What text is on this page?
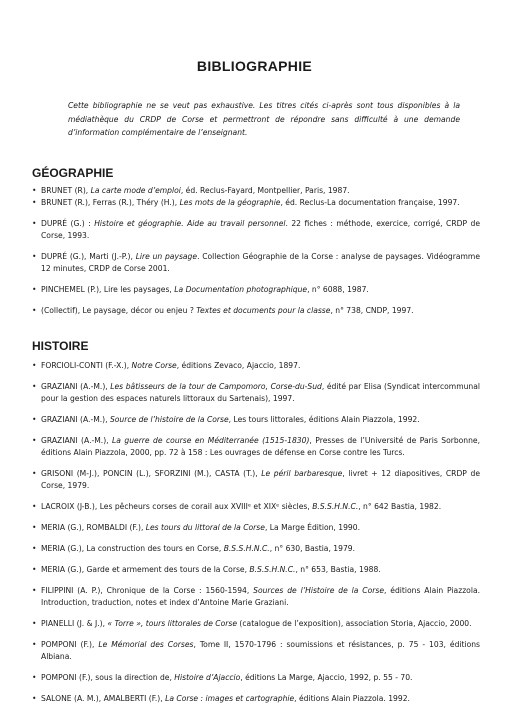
BIBLIOGRAPHIE
Cette bibliographie ne se veut pas exhaustive. Les titres cités ci-après sont tous disponibles à la médiathèque du CRDP de Corse et permettront de répondre sans difficulté à une demande d’information complémentaire de l’enseignant.
GÉOGRAPHIE
• BRUNET (R), La carte mode d’emploi, éd. Reclus-Fayard, Montpellier, Paris, 1987.
• BRUNET (R.), Ferras (R.), Théry (H.), Les mots de la géographie, éd. Reclus-La documentation française, 1997.
• DUPRÉ (G.) : Histoire et géographie. Aide au travail personnel. 22 fiches : méthode, exercice, corrigé, CRDP de Corse, 1993.
• DUPRÉ (G.), Marti (J.-P.), Lire un paysage. Collection Géographie de la Corse : analyse de paysages. Vidéogramme 12 minutes, CRDP de Corse 2001.
• PINCHEMEL (P.), Lire les paysages, La Documentation photographique, n° 6088, 1987.
• (Collectif), Le paysage, décor ou enjeu ? Textes et documents pour la classe, n° 738, CNDP, 1997.
HISTOIRE
• FORCIOLI-CONTI (F.-X.), Notre Corse, éditions Zevaco, Ajaccio, 1897.
• GRAZIANI (A.-M.), Les bâtisseurs de la tour de Campomoro, Corse-du-Sud, édité par Elisa (Syndicat intercommunal pour la gestion des espaces naturels littoraux du Sartenais), 1997.
• GRAZIANI (A.-M.), Source de l’histoire de la Corse, Les tours littorales, éditions Alain Piazzola, 1992.
• GRAZIANI (A.-M.), La guerre de course en Méditerranée (1515-1830), Presses de l’Université de Paris Sorbonne, éditions Alain Piazzola, 2000, pp. 72 à 158 : Les ouvrages de défense en Corse contre les Turcs.
• GRISONI (M-J.), PONCIN (L.), SFORZINI (M.), CASTA (T.), Le péril barbaresque, livret + 12 diapositives, CRDP de Corse, 1979.
• LACROIX (J-B.), Les pêcheurs corses de corail aux XVIIIᵉ et XIXᵉ siècles, B.S.S.H.N.C., n° 642 Bastia, 1982.
• MERIA (G.), ROMBALDI (F.), Les tours du littoral de la Corse, La Marge Édition, 1990.
• MERIA (G.), La construction des tours en Corse, B.S.S.H.N.C., n° 630, Bastia, 1979.
• MERIA (G.), Garde et armement des tours de la Corse, B.S.S.H.N.C., n° 653, Bastia, 1988.
• FILIPPINI (A. P.), Chronique de la Corse : 1560-1594, Sources de l’Histoire de la Corse, éditions Alain Piazzola. Introduction, traduction, notes et index d’Antoine Marie Graziani.
• PIANELLI (J. & J.), « Torre », tours littorales de Corse (catalogue de l’exposition), association Storia, Ajaccio, 2000.
• POMPONI (F.), Le Mémorial des Corses, Tome II, 1570-1796 : soumissions et résistances, p. 75 - 103, éditions Albiana.
• POMPONI (F.), sous la direction de, Histoire d’Ajaccio, éditions La Marge, Ajaccio, 1992, p. 55 - 70.
• SALONE (A. M.), AMALBERTI (F.), La Corse : images et cartographie, éditions Alain Piazzola. 1992.
